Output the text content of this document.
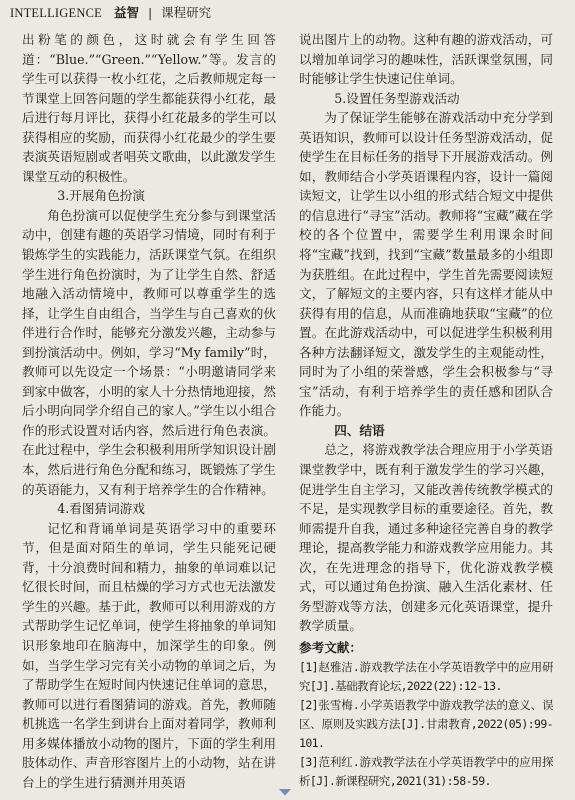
INTELLIGENCE 益智 | 课程研究

出粉笔的颜色，这时就会有学生回答道：“Blue.”“Green.”“Yellow.”等。发言的学生可以获得一枚小红花，之后教师规定每一节课堂上回答问题的学生都能获得小红花，最后进行每月评比，获得小红花最多的学生可以获得相应的奖励，而获得小红花最少的学生要表演英语短剧或者唱英文歌曲，以此激发学生课堂互动的积极性。

3.开展角色扮演

角色扮演可以促使学生充分参与到课堂活动中，创建有趣的英语学习情境，同时有利于锻炼学生的实践能力，活跃课堂气氛。在组织学生进行角色扮演时，为了让学生自然、舒适地融入活动情境中，教师可以尊重学生的选择，让学生自由组合，当学生与自己喜欢的伙伴进行合作时，能够充分激发兴趣，主动参与到扮演活动中。例如，学习“My family”时，教师可以先设定一个场景：“小明邀请同学来到家中做客，小明的家人十分热情地迎接，然后小明向同学介绍自己的家人。”学生以小组合作的形式设置对话内容，然后进行角色表演。在此过程中，学生会积极利用所学知识设计剧本，然后进行角色分配和练习，既锻炼了学生的英语能力，又有利于培养学生的合作精神。

4.看图猜词游戏

记忆和背诵单词是英语学习中的重要环节，但是面对陌生的单词，学生只能死记硬背，十分浪费时间和精力，抽象的单词难以记忆很长时间，而且枯燥的学习方式也无法激发学生的兴趣。基于此，教师可以利用游戏的方式帮助学生记忆单词，使学生将抽象的单词知识形象地印在脑海中，加深学生的印象。例如，当学生学习完有关小动物的单词之后，为了帮助学生在短时间内快速记住单词的意思，教师可以进行看图猜词的游戏。首先，教师随机挑选一名学生到讲台上面对着同学，教师利用多媒体播放小动物的图片，下面的学生利用肢体动作、声音形容图片上的小动物，站在讲台上的学生进行猜测并用英语

说出图片上的动物。这种有趣的游戏活动，可以增加单词学习的趣味性，活跃课堂氛围，同时能够让学生快速记住单词。

5.设置任务型游戏活动

为了保证学生能够在游戏活动中充分学到英语知识，教师可以设计任务型游戏活动，促使学生在目标任务的指导下开展游戏活动。例如，教师结合小学英语课程内容，设计一篇阅读短文，让学生以小组的形式结合短文中提供的信息进行“寻宝”活动。教师将“宝藏”藏在学校的各个位置中，需要学生利用课余时间将“宝藏”找到，找到“宝藏”数量最多的小组即为获胜组。在此过程中，学生首先需要阅读短文，了解短文的主要内容，只有这样才能从中获得有用的信息，从而准确地获取“宝藏”的位置。在此游戏活动中，可以促进学生积极利用各种方法翻译短文，激发学生的主观能动性，同时为了小组的荣誉感，学生会积极参与“寻宝”活动，有利于培养学生的责任感和团队合作能力。

四、结语

总之，将游戏教学法合理应用于小学英语课堂教学中，既有利于激发学生的学习兴趣，促进学生自主学习，又能改善传统教学模式的不足，是实现教学目标的重要途径。首先，教师需提升自我，通过多种途径完善自身的教学理论，提高教学能力和游戏教学应用能力。其次，在先进理念的指导下，优化游戏教学模式，可以通过角色扮演、融入生活化素材、任务型游戏等方法，创建多元化英语课堂，提升教学质量。

参考文献：

[1]赵雅洁.游戏教学法在小学英语教学中的应用研究[J].基础教育论坛,2022(22):12-13.

[2]张雪梅.小学英语教学中游戏教学法的意义、误区、原则及实践方法[J].甘肃教育,2022(05):99-101.

[3]范利红.游戏教学法在小学英语教学中的应用探析[J].新课程研究,2021(31):58-59.
